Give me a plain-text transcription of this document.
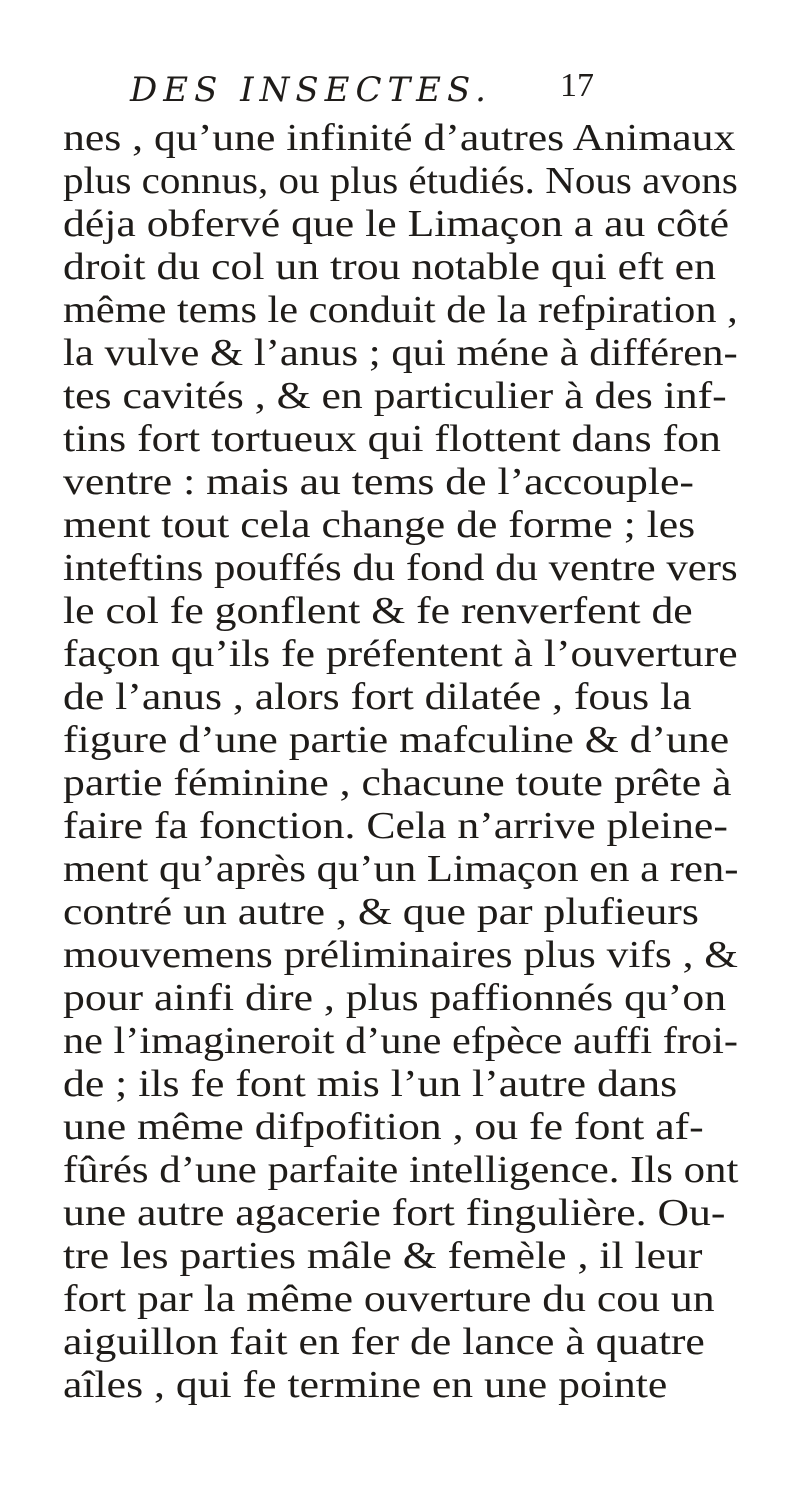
DES INSECTES. 17
nes , qu’une infinité d’autres Animaux
plus connus, ou plus étudiés. Nous avons
déja obfervé que le Limaçon a au côté
droit du col un trou notable qui eft en
même tems le conduit de la refpiration ,
la vulve & l’anus ; qui méne à différen-
tes cavités , & en particulier à des inf-
tins fort tortueux qui flottent dans fon
ventre : mais au tems de l’accouple-
ment tout cela change de forme ; les
inteftins pouffés du fond du ventre vers
le col fe gonflent & fe renverfent de
façon qu’ils fe préfentent à l’ouverture
de l’anus , alors fort dilatée , fous la
figure d’une partie mafculine & d’une
partie féminine , chacune toute prête à
faire fa fonction. Cela n’arrive pleine-
ment qu’après qu’un Limaçon en a ren-
contré un autre , & que par plufieurs
mouvemens préliminaires plus vifs , &
pour ainfi dire , plus paffionnés qu’on
ne l’imagineroit d’une efpèce auffi froi-
de ; ils fe font mis l’un l’autre dans
une même difpofition , ou fe font af-
fûrés d’une parfaite intelligence. Ils ont
une autre agacerie fort fingulière. Ou-
tre les parties mâle & femèle , il leur
fort par la même ouverture du cou un
aiguillon fait en fer de lance à quatre
aîles , qui fe termine en une pointe
